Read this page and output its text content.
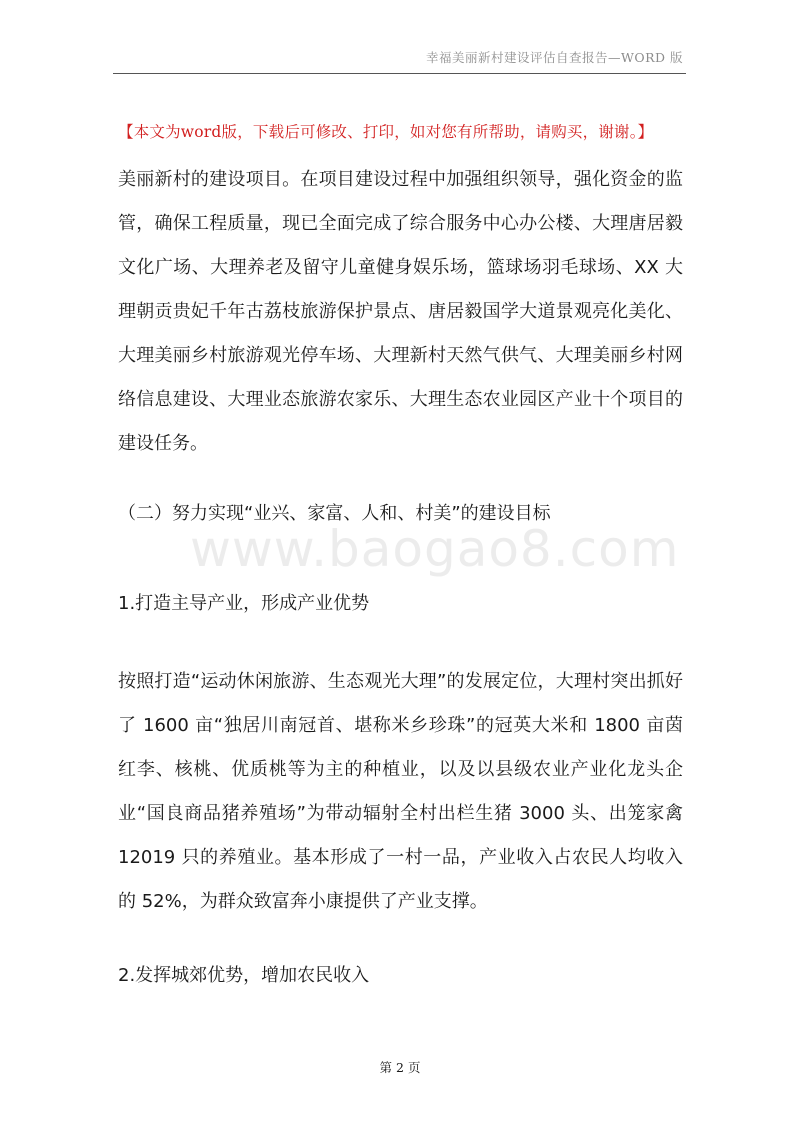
幸福美丽新村建设评估自查报告—WORD 版
【本文为word版，下载后可修改、打印，如对您有所帮助，请购买，谢谢。】

美丽新村的建设项目。在项目建设过程中加强组织领导，强化资金的监管，确保工程质量，现已全面完成了综合服务中心办公楼、大理唐居毅文化广场、大理养老及留守儿童健身娱乐场，篮球场羽毛球场、XX 大理朝贡贵妃千年古荔枝旅游保护景点、唐居毅国学大道景观亮化美化、大理美丽乡村旅游观光停车场、大理新村天然气供气、大理美丽乡村网络信息建设、大理业态旅游农家乐、大理生态农业园区产业十个项目的建设任务。

（二）努力实现“业兴、家富、人和、村美”的建设目标
www.baogao8.com
1.打造主导产业，形成产业优势

按照打造“运动休闲旅游、生态观光大理”的发展定位，大理村突出抓好了 1600 亩“独居川南冠首、堪称米乡珍珠”的冠英大米和 1800 亩茵红李、核桃、优质桃等为主的种植业，以及以县级农业产业化龙头企业“国良商品猪养殖场”为带动辐射全村出栏生猪 3000 头、出笼家禽 12019 只的养殖业。基本形成了一村一品，产业收入占农民人均收入的 52%，为群众致富奔小康提供了产业支撑。

2.发挥城郊优势，增加农民收入
第 2 页
